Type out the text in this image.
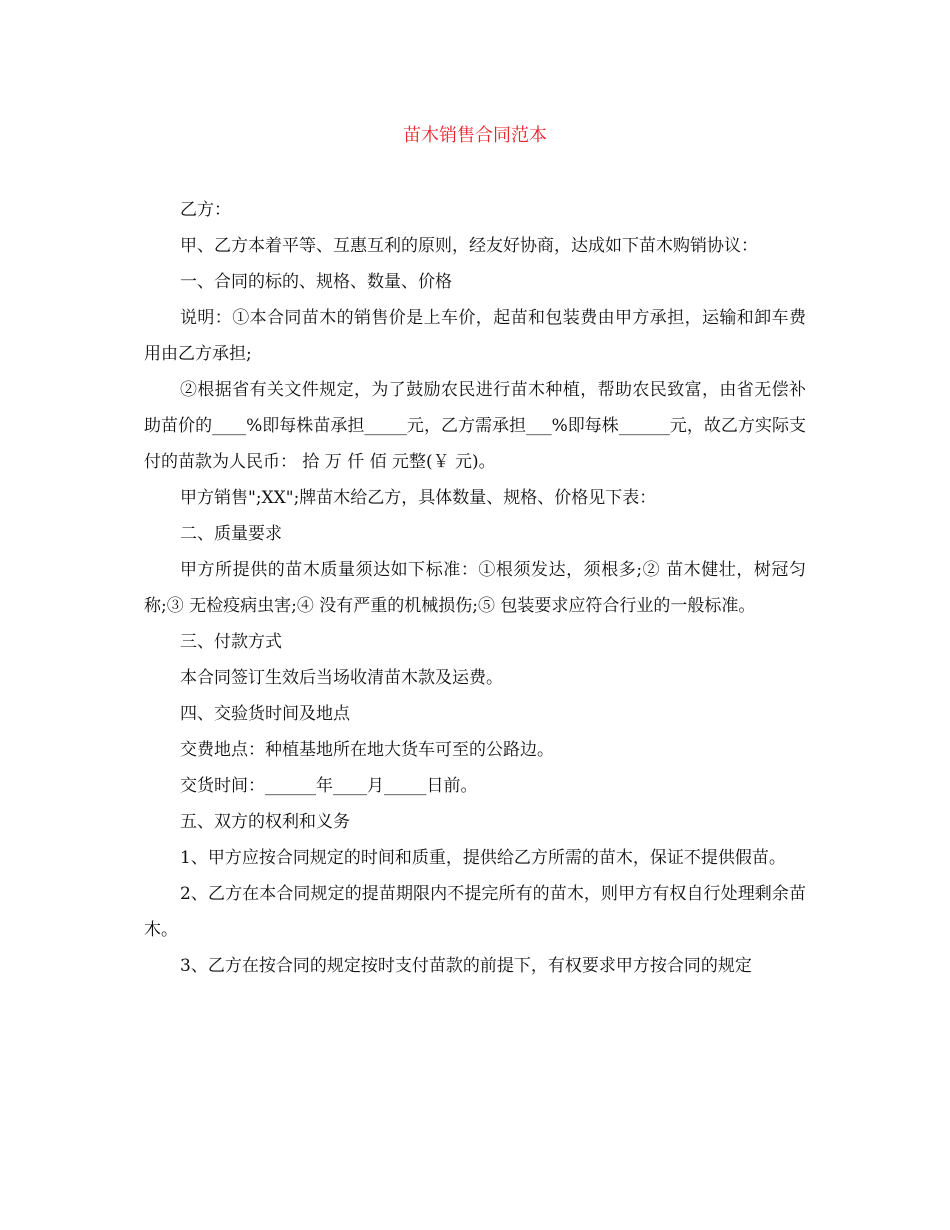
苗木销售合同范本

乙方：

甲、乙方本着平等、互惠互利的原则，经友好协商，达成如下苗木购销协议：

一、合同的标的、规格、数量、价格

说明：①本合同苗木的销售价是上车价，起苗和包装费由甲方承担，运输和卸车费用由乙方承担;

②根据省有关文件规定，为了鼓励农民进行苗木种植，帮助农民致富，由省无偿补助苗价的____%即每株苗承担_____元，乙方需承担___%即每株______元，故乙方实际支付的苗款为人民币： 拾 万 仟 佰 元整(￥ 元)。

甲方销售";XX";牌苗木给乙方，具体数量、规格、价格见下表：

二、质量要求

甲方所提供的苗木质量须达如下标准：①根须发达，须根多;② 苗木健壮，树冠匀称;③ 无检疫病虫害;④ 没有严重的机械损伤;⑤ 包装要求应符合行业的一般标准。

三、付款方式

本合同签订生效后当场收清苗木款及运费。

四、交验货时间及地点

交费地点：种植基地所在地大货车可至的公路边。

交货时间：______年____月_____日前。

五、双方的权利和义务

1、甲方应按合同规定的时间和质重，提供给乙方所需的苗木，保证不提供假苗。

2、乙方在本合同规定的提苗期限内不提完所有的苗木，则甲方有权自行处理剩余苗木。

3、乙方在按合同的规定按时支付苗款的前提下，有权要求甲方按合同的规定
